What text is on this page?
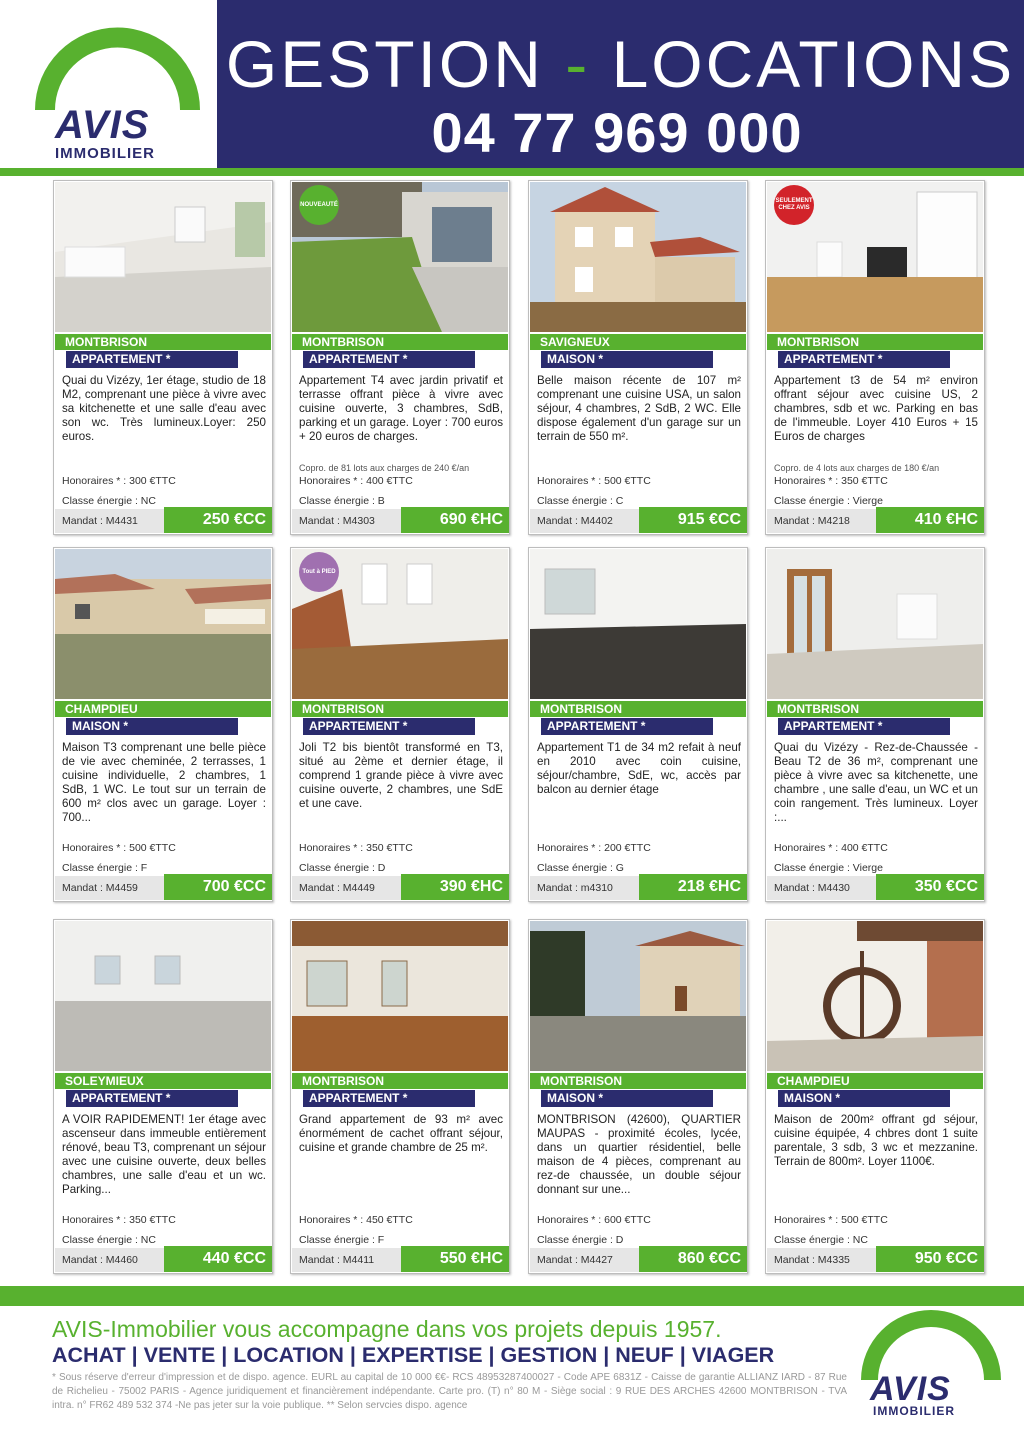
AVIS
IMMOBILIER
GESTION - LOCATIONS
04 77 969 000
MONTBRISON
APPARTEMENT *
Quai du Vizézy, 1er étage, studio de 18 M2, comprenant une pièce à vivre avec sa kitchenette et une salle d'eau avec son wc. Très lumineux.Loyer: 250 euros.
Honoraires * : 300 €TTC
Classe énergie : NC
Mandat : M4431	250 €CC
NOUVEAUTÉ
MONTBRISON
APPARTEMENT *
Appartement T4 avec jardin privatif et terrasse offrant pièce à vivre avec cuisine ouverte, 3 chambres, SdB, parking et un garage. Loyer : 700 euros + 20 euros de charges.
Copro. de 81 lots aux charges de 240 €/an
Honoraires * : 400 €TTC
Classe énergie : B
Mandat : M4303	690 €HC
SAVIGNEUX
MAISON *
Belle maison récente de 107 m² comprenant une cuisine USA, un salon séjour, 4 chambres, 2 SdB, 2 WC. Elle dispose également d'un garage sur un terrain de 550 m².
Honoraires * : 500 €TTC
Classe énergie : C
Mandat : M4402	915 €CC
SEULEMENT CHEZ AVIS
MONTBRISON
APPARTEMENT *
Appartement t3 de 54 m² environ offrant séjour avec cuisine US, 2 chambres, sdb et wc. Parking en bas de l'immeuble. Loyer 410 Euros + 15 Euros de charges
Copro. de 4 lots aux charges de 180 €/an
Honoraires * : 350 €TTC
Classe énergie : Vierge
Mandat : M4218	410 €HC
CHAMPDIEU
MAISON *
Maison T3 comprenant une belle pièce de vie avec cheminée, 2 terrasses, 1 cuisine individuelle, 2 chambres, 1 SdB, 1 WC. Le tout sur un terrain de 600 m² clos avec un garage. Loyer : 700...
Honoraires * : 500 €TTC
Classe énergie : F
Mandat : M4459	700 €CC
Tout à PIED
MONTBRISON
APPARTEMENT *
Joli T2 bis bientôt transformé en T3, situé au 2ème et dernier étage, il comprend 1 grande pièce à vivre avec cuisine ouverte, 2 chambres, une SdE et une cave.
Honoraires * : 350 €TTC
Classe énergie : D
Mandat : M4449	390 €HC
MONTBRISON
APPARTEMENT *
Appartement T1 de 34 m2 refait à neuf en 2010 avec coin cuisine, séjour/chambre, SdE, wc, accès par balcon au dernier étage
Honoraires * : 200 €TTC
Classe énergie : G
Mandat : m4310	218 €HC
MONTBRISON
APPARTEMENT *
Quai du Vizézy - Rez-de-Chaussée - Beau T2 de 36 m², comprenant une pièce à vivre avec sa kitchenette, une chambre , une salle d'eau, un WC et un coin rangement. Très lumineux. Loyer :...
Honoraires * : 400 €TTC
Classe énergie : Vierge
Mandat : M4430	350 €CC
SOLEYMIEUX
APPARTEMENT *
A VOIR RAPIDEMENT! 1er étage avec ascenseur dans immeuble entièrement rénové, beau T3, comprenant un séjour avec une cuisine ouverte, deux belles chambres, une salle d'eau et un wc. Parking...
Honoraires * : 350 €TTC
Classe énergie : NC
Mandat : M4460	440 €CC
MONTBRISON
APPARTEMENT *
Grand appartement de 93 m² avec énormément de cachet offrant séjour, cuisine et grande chambre de 25 m².
Honoraires * : 450 €TTC
Classe énergie : F
Mandat : M4411	550 €HC
MONTBRISON
MAISON *
MONTBRISON (42600), QUARTIER MAUPAS - proximité écoles, lycée, dans un quartier résidentiel, belle maison de 4 pièces, comprenant au rez-de chaussée, un double séjour donnant sur une...
Honoraires * : 600 €TTC
Classe énergie : D
Mandat : M4427	860 €CC
CHAMPDIEU
MAISON *
Maison de 200m² offrant gd séjour, cuisine équipée, 4 chbres dont 1 suite parentale, 3 sdb, 3 wc et mezzanine. Terrain de 800m². Loyer 1100€.
Honoraires * : 500 €TTC
Classe énergie : NC
Mandat : M4335	950 €CC
AVIS-Immobilier vous accompagne dans vos projets depuis 1957.
ACHAT | VENTE | LOCATION | EXPERTISE | GESTION | NEUF | VIAGER
* Sous réserve d'erreur d'impression et de dispo. agence. EURL au capital de 10 000 €€- RCS 489532874000​27 - Code APE 6831Z - Caisse de garantie ALLIANZ IARD - 87 Rue de Richelieu - 75002 PARIS - Agence juridiquement et financièrement indépendante. Carte pro. (T) n° 80 M - Siège social : 9 RUE DES ARCHES 42600 MONTBRISON - TVA intra. n° FR62 489 532 374 -Ne pas jeter sur la voie publique. ** Selon servcies dispo. agence	AVIS
IMMOBILIER
